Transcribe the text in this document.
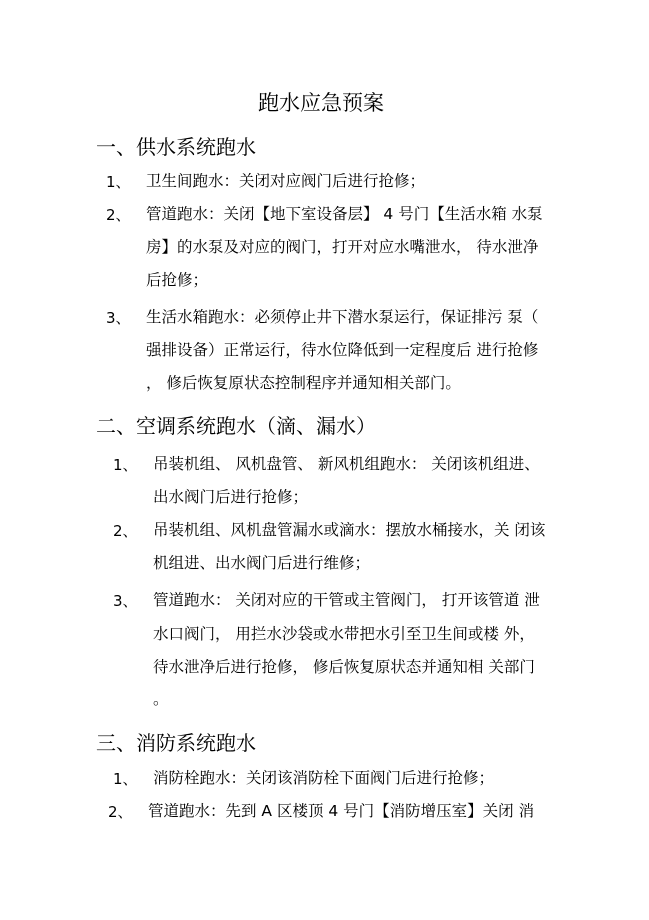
跑水应急预案
一、供水系统跑水
1、 卫生间跑水：关闭对应阀门后进行抢修；
2、 管道跑水：关闭【地下室设备层】 4 号门【生活水箱 水泵
房】的水泵及对应的阀门，打开对应水嘴泄水， 待水泄净
后抢修；
3、 生活水箱跑水：必须停止井下潜水泵运行，保证排污 泵（
强排设备）正常运行，待水位降低到一定程度后 进行抢修
， 修后恢复原状态控制程序并通知相关部门。
二、空调系统跑水（滴、漏水）
1、 吊装机组、 风机盘管、 新风机组跑水： 关闭该机组进、
出水阀门后进行抢修；
2、 吊装机组、风机盘管漏水或滴水：摆放水桶接水，关 闭该
机组进、出水阀门后进行维修；
3、 管道跑水： 关闭对应的干管或主管阀门， 打开该管道 泄
水口阀门， 用拦水沙袋或水带把水引至卫生间或楼 外，
待水泄净后进行抢修， 修后恢复原状态并通知相 关部门
。
三、消防系统跑水
1、 消防栓跑水：关闭该消防栓下面阀门后进行抢修；
2、 管道跑水：先到 A 区楼顶 4 号门【消防增压室】关闭 消
